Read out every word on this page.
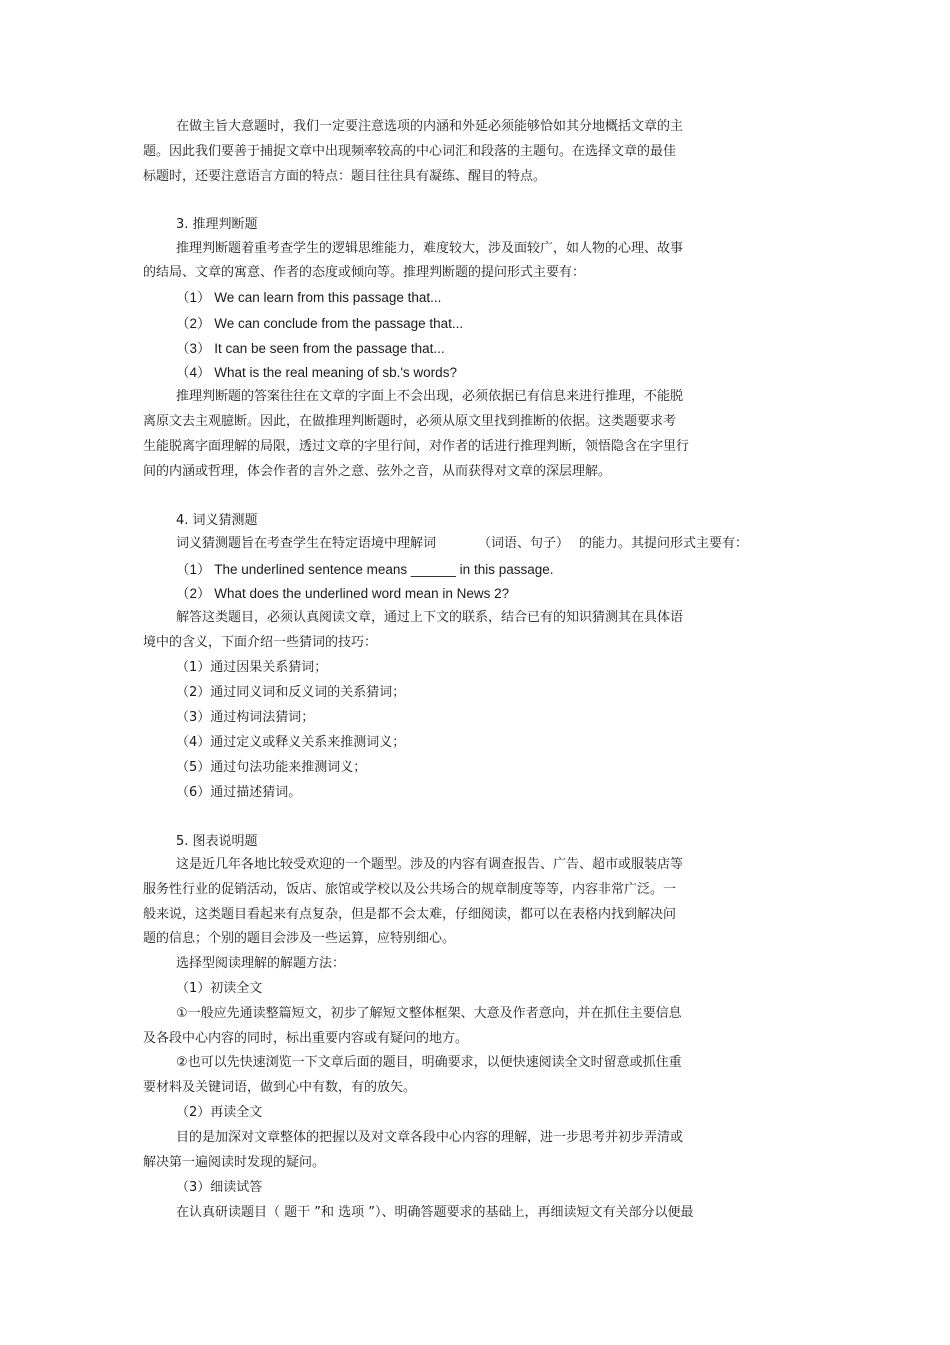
在做主旨大意题时，我们一定要注意选项的内涵和外延必须能够恰如其分地概括文章的主
题。因此我们要善于捕捉文章中出现频率较高的中心词汇和段落的主题句。在选择文章的最佳
标题时，还要注意语言方面的特点：题目往往具有凝练、醒目的特点。
3. 推理判断题
推理判断题着重考查学生的逻辑思维能力，难度较大，涉及面较广，如人物的心理、故事
的结局、文章的寓意、作者的态度或倾向等。推理判断题的提问形式主要有：
（1） We can learn from this passage that...
（2） We can conclude from the passage that...
（3） It can be seen from the passage that...
（4） What is the real meaning of sb.'s words?
推理判断题的答案往往在文章的字面上不会出现，必须依据已有信息来进行推理，不能脱
离原文去主观臆断。因此，在做推理判断题时，必须从原文里找到推断的依据。这类题要求考
生能脱离字面理解的局限，透过文章的字里行间，对作者的话进行推理判断，领悟隐含在字里行
间的内涵或哲理，体会作者的言外之意、弦外之音，从而获得对文章的深层理解。
4. 词义猜测题
词义猜测题旨在考查学生在特定语境中理解词	（词语、句子） 的能力。其提问形式主要有：
（1） The underlined sentence means ______ in this passage.
（2） What does the underlined word mean in News 2?
解答这类题目，必须认真阅读文章，通过上下文的联系，结合已有的知识猜测其在具体语
境中的含义，下面介绍一些猜词的技巧：
（1）通过因果关系猜词；
（2）通过同义词和反义词的关系猜词；
（3）通过构词法猜词；
（4）通过定义或释义关系来推测词义；
（5）通过句法功能来推测词义；
（6）通过描述猜词。
5. 图表说明题
这是近几年各地比较受欢迎的一个题型。涉及的内容有调查报告、广告、超市或服装店等
服务性行业的促销活动，饭店、旅馆或学校以及公共场合的规章制度等等，内容非常广泛。一
般来说，这类题目看起来有点复杂，但是都不会太难，仔细阅读，都可以在表格内找到解决问
题的信息；个别的题目会涉及一些运算，应特别细心。
选择型阅读理解的解题方法：
（1）初读全文
①一般应先通读整篇短文，初步了解短文整体框架、大意及作者意向，并在抓住主要信息
及各段中心内容的同时，标出重要内容或有疑问的地方。
②也可以先快速浏览一下文章后面的题目，明确要求，以便快速阅读全文时留意或抓住重
要材料及关键词语，做到心中有数，有的放矢。
（2）再读全文
目的是加深对文章整体的把握以及对文章各段中心内容的理解，进一步思考并初步弄清或
解决第一遍阅读时发现的疑问。
（3）细读试答
在认真研读题目（ 题干 ”和 选项 ”）、明确答题要求的基础上，再细读短文有关部分以便最
